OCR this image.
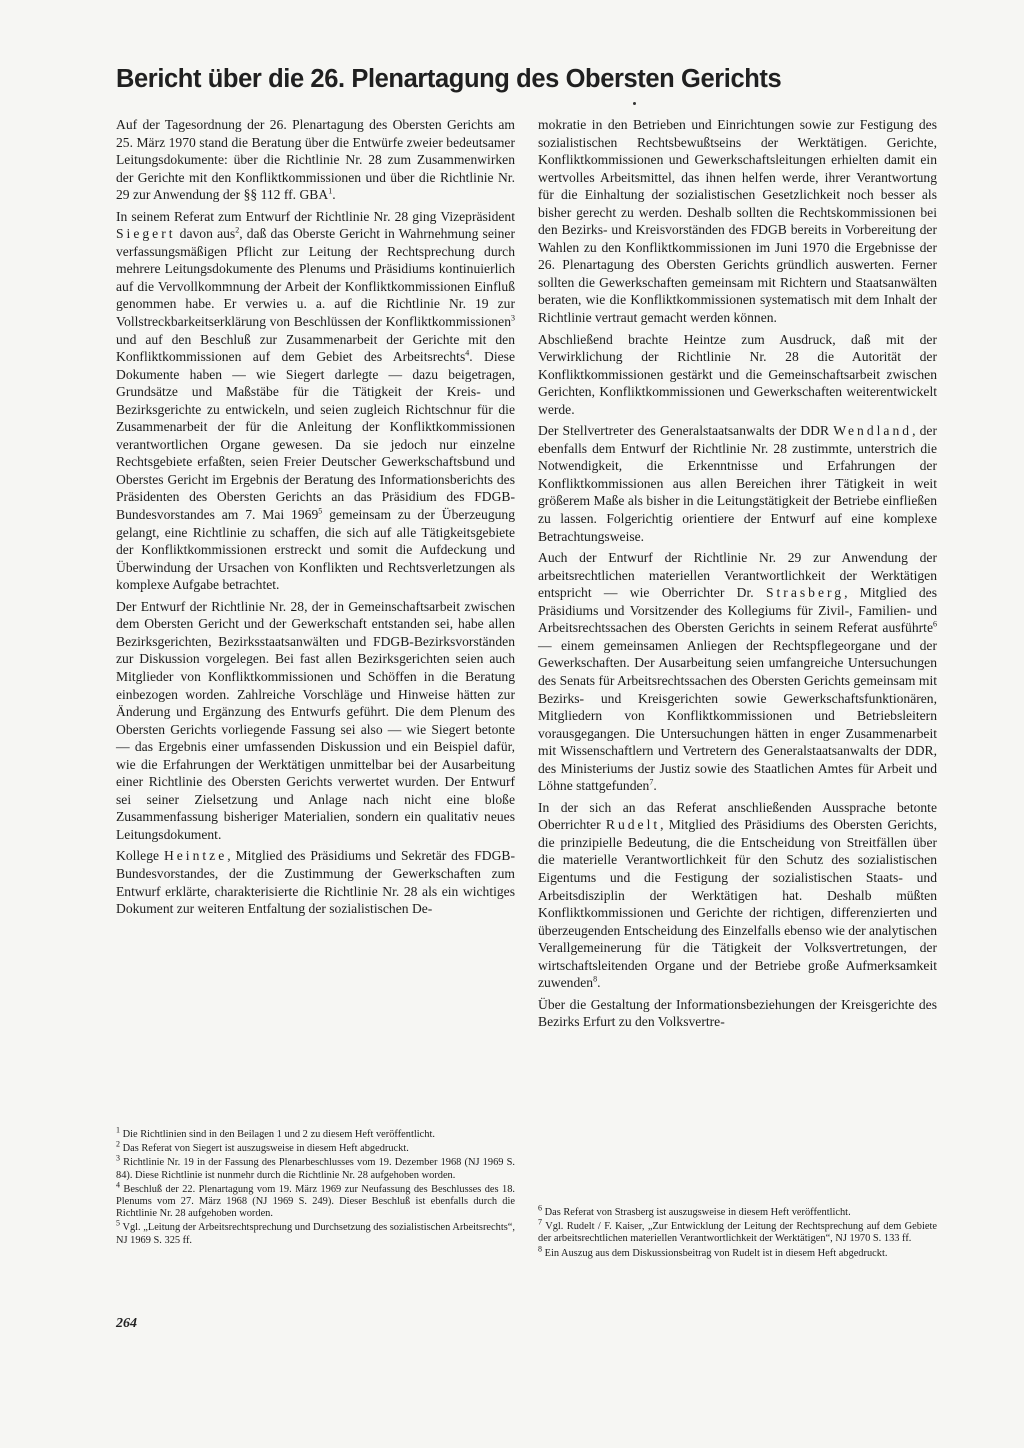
Bericht über die 26. Plenartagung des Obersten Gerichts

Auf der Tagesordnung der 26. Plenartagung des Obersten Gerichts am 25. März 1970 stand die Beratung über die Entwürfe zweier bedeutsamer Leitungsdokumente: über die Richtlinie Nr. 28 zum Zusammenwirken der Gerichte mit den Konfliktkommissionen und über die Richtlinie Nr. 29 zur Anwendung der §§ 112 ff. GBA$^1$.

In seinem Referat zum Entwurf der Richtlinie Nr. 28 ging Vizepräsident Siegert davon aus$^2$, daß das Oberste Gericht in Wahrnehmung seiner verfassungsmäßigen Pflicht zur Leitung der Rechtsprechung durch mehrere Leitungsdokumente des Plenums und Präsidiums kontinuierlich auf die Vervollkommnung der Arbeit der Konfliktkommissionen Einfluß genommen habe. Er verwies u. a. auf die Richtlinie Nr. 19 zur Vollstreckbarkeitserklärung von Beschlüssen der Konfliktkommissionen$^3$ und auf den Beschluß zur Zusammenarbeit der Gerichte mit den Konfliktkommissionen auf dem Gebiet des Arbeitsrechts$^4$. Diese Dokumente haben — wie Siegert darlegte — dazu beigetragen, Grundsätze und Maßstäbe für die Tätigkeit der Kreis- und Bezirksgerichte zu entwickeln, und seien zugleich Richtschnur für die Zusammenarbeit der für die Anleitung der Konfliktkommissionen verantwortlichen Organe gewesen. Da sie jedoch nur einzelne Rechtsgebiete erfaßten, seien Freier Deutscher Gewerkschaftsbund und Oberstes Gericht im Ergebnis der Beratung des Informationsberichts des Präsidenten des Obersten Gerichts an das Präsidium des FDGB-Bundesvorstandes am 7. Mai 1969$^5$ gemeinsam zu der Überzeugung gelangt, eine Richtlinie zu schaffen, die sich auf alle Tätigkeitsgebiete der Konfliktkommissionen erstreckt und somit die Aufdeckung und Überwindung der Ursachen von Konflikten und Rechtsverletzungen als komplexe Aufgabe betrachtet.

Der Entwurf der Richtlinie Nr. 28, der in Gemeinschaftsarbeit zwischen dem Obersten Gericht und der Gewerkschaft entstanden sei, habe allen Bezirksgerichten, Bezirksstaatsanwälten und FDGB-Bezirksvorständen zur Diskussion vorgelegen. Bei fast allen Bezirksgerichten seien auch Mitglieder von Konfliktkommissionen und Schöffen in die Beratung einbezogen worden. Zahlreiche Vorschläge und Hinweise hätten zur Änderung und Ergänzung des Entwurfs geführt. Die dem Plenum des Obersten Gerichts vorliegende Fassung sei also — wie Siegert betonte — das Ergebnis einer umfassenden Diskussion und ein Beispiel dafür, wie die Erfahrungen der Werktätigen unmittelbar bei der Ausarbeitung einer Richtlinie des Obersten Gerichts verwertet wurden. Der Entwurf sei seiner Zielsetzung und Anlage nach nicht eine bloße Zusammenfassung bisheriger Materialien, sondern ein qualitativ neues Leitungsdokument.

Kollege Heintze, Mitglied des Präsidiums und Sekretär des FDGB-Bundesvorstandes, der die Zustimmung der Gewerkschaften zum Entwurf erklärte, charakterisierte die Richtlinie Nr. 28 als ein wichtiges Dokument zur weiteren Entfaltung der sozialistischen De-

mokratie in den Betrieben und Einrichtungen sowie zur Festigung des sozialistischen Rechtsbewußtseins der Werktätigen. Gerichte, Konfliktkommissionen und Gewerkschaftsleitungen erhielten damit ein wertvolles Arbeitsmittel, das ihnen helfen werde, ihrer Verantwortung für die Einhaltung der sozialistischen Gesetzlichkeit noch besser als bisher gerecht zu werden. Deshalb sollten die Rechtskommissionen bei den Bezirks- und Kreisvorständen des FDGB bereits in Vorbereitung der Wahlen zu den Konfliktkommissionen im Juni 1970 die Ergebnisse der 26. Plenartagung des Obersten Gerichts gründlich auswerten. Ferner sollten die Gewerkschaften gemeinsam mit Richtern und Staatsanwälten beraten, wie die Konfliktkommissionen systematisch mit dem Inhalt der Richtlinie vertraut gemacht werden können.

Abschließend brachte Heintze zum Ausdruck, daß mit der Verwirklichung der Richtlinie Nr. 28 die Autorität der Konfliktkommissionen gestärkt und die Gemeinschaftsarbeit zwischen Gerichten, Konfliktkommissionen und Gewerkschaften weiterentwickelt werde.

Der Stellvertreter des Generalstaatsanwalts der DDR Wendland, der ebenfalls dem Entwurf der Richtlinie Nr. 28 zustimmte, unterstrich die Notwendigkeit, die Erkenntnisse und Erfahrungen der Konfliktkommissionen aus allen Bereichen ihrer Tätigkeit in weit größerem Maße als bisher in die Leitungstätigkeit der Betriebe einfließen zu lassen. Folgerichtig orientiere der Entwurf auf eine komplexe Betrachtungsweise.

Auch der Entwurf der Richtlinie Nr. 29 zur Anwendung der arbeitsrechtlichen materiellen Verantwortlichkeit der Werktätigen entspricht — wie Oberrichter Dr. Strasberg, Mitglied des Präsidiums und Vorsitzender des Kollegiums für Zivil-, Familien- und Arbeitsrechtssachen des Obersten Gerichts in seinem Referat ausführte$^6$ — einem gemeinsamen Anliegen der Rechtspflegeorgane und der Gewerkschaften. Der Ausarbeitung seien umfangreiche Untersuchungen des Senats für Arbeitsrechtssachen des Obersten Gerichts gemeinsam mit Bezirks- und Kreisgerichten sowie Gewerkschaftsfunktionären, Mitgliedern von Konfliktkommissionen und Betriebsleitern vorausgegangen. Die Untersuchungen hätten in enger Zusammenarbeit mit Wissenschaftlern und Vertretern des Generalstaatsanwalts der DDR, des Ministeriums der Justiz sowie des Staatlichen Amtes für Arbeit und Löhne stattgefunden$^7$.

In der sich an das Referat anschließenden Aussprache betonte Oberrichter Rudelt, Mitglied des Präsidiums des Obersten Gerichts, die prinzipielle Bedeutung, die die Entscheidung von Streitfällen über die materielle Verantwortlichkeit für den Schutz des sozialistischen Eigentums und die Festigung der sozialistischen Staats- und Arbeitsdisziplin der Werktätigen hat. Deshalb müßten Konfliktkommissionen und Gerichte der richtigen, differenzierten und überzeugenden Entscheidung des Einzelfalls ebenso wie der analytischen Verallgemeinerung für die Tätigkeit der Volksvertretungen, der wirtschaftsleitenden Organe und der Betriebe große Aufmerksamkeit zuwenden$^8$.

Über die Gestaltung der Informationsbeziehungen der Kreisgerichte des Bezirks Erfurt zu den Volksvertre-

$^1$ Die Richtlinien sind in den Beilagen 1 und 2 zu diesem Heft veröffentlicht.
$^2$ Das Referat von Siegert ist auszugsweise in diesem Heft abgedruckt.
$^3$ Richtlinie Nr. 19 in der Fassung des Plenarbeschlusses vom 19. Dezember 1968 (NJ 1969 S. 84). Diese Richtlinie ist nunmehr durch die Richtlinie Nr. 28 aufgehoben worden.
$^4$ Beschluß der 22. Plenartagung vom 19. März 1969 zur Neufassung des Beschlusses des 18. Plenums vom 27. März 1968 (NJ 1969 S. 249). Dieser Beschluß ist ebenfalls durch die Richtlinie Nr. 28 aufgehoben worden.
$^5$ Vgl. „Leitung der Arbeitsrechtsprechung und Durchsetzung des sozialistischen Arbeitsrechts“, NJ 1969 S. 325 ff.
$^6$ Das Referat von Strasberg ist auszugsweise in diesem Heft veröffentlicht.
$^7$ Vgl. Rudelt / F. Kaiser, „Zur Entwicklung der Leitung der Rechtsprechung auf dem Gebiete der arbeitsrechtlichen materiellen Verantwortlichkeit der Werktätigen“, NJ 1970 S. 133 ff.
$^8$ Ein Auszug aus dem Diskussionsbeitrag von Rudelt ist in diesem Heft abgedruckt.
264
